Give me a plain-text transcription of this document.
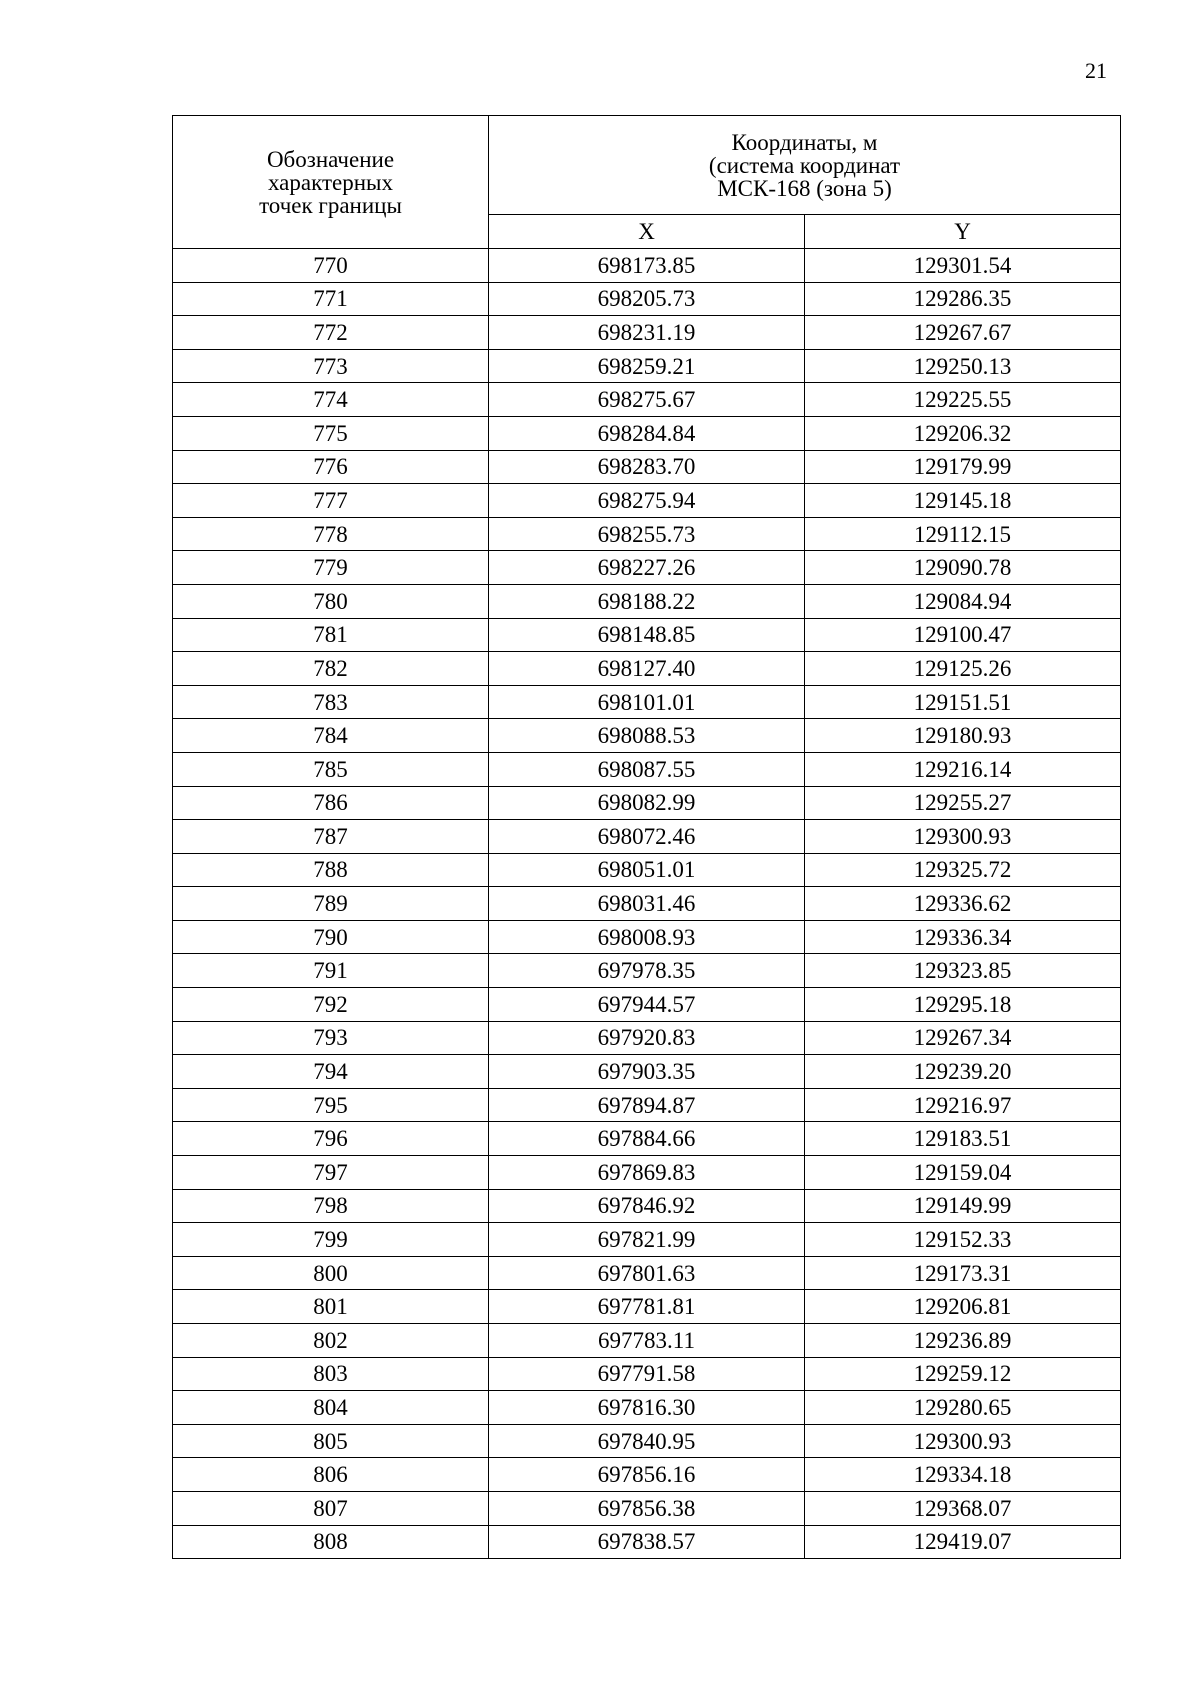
21
Обозначение
характерных
точек границы	Координаты, м
(система координат
МСК-168 (зона 5)	

	X	Y
770	698173.85	129301.54
771	698205.73	129286.35
772	698231.19	129267.67
773	698259.21	129250.13
774	698275.67	129225.55
775	698284.84	129206.32
776	698283.70	129179.99
777	698275.94	129145.18
778	698255.73	129112.15
779	698227.26	129090.78
780	698188.22	129084.94
781	698148.85	129100.47
782	698127.40	129125.26
783	698101.01	129151.51
784	698088.53	129180.93
785	698087.55	129216.14
786	698082.99	129255.27
787	698072.46	129300.93
788	698051.01	129325.72
789	698031.46	129336.62
790	698008.93	129336.34
791	697978.35	129323.85
792	697944.57	129295.18
793	697920.83	129267.34
794	697903.35	129239.20
795	697894.87	129216.97
796	697884.66	129183.51
797	697869.83	129159.04
798	697846.92	129149.99
799	697821.99	129152.33
800	697801.63	129173.31
801	697781.81	129206.81
802	697783.11	129236.89
803	697791.58	129259.12
804	697816.30	129280.65
805	697840.95	129300.93
806	697856.16	129334.18
807	697856.38	129368.07
808	697838.57	129419.07
